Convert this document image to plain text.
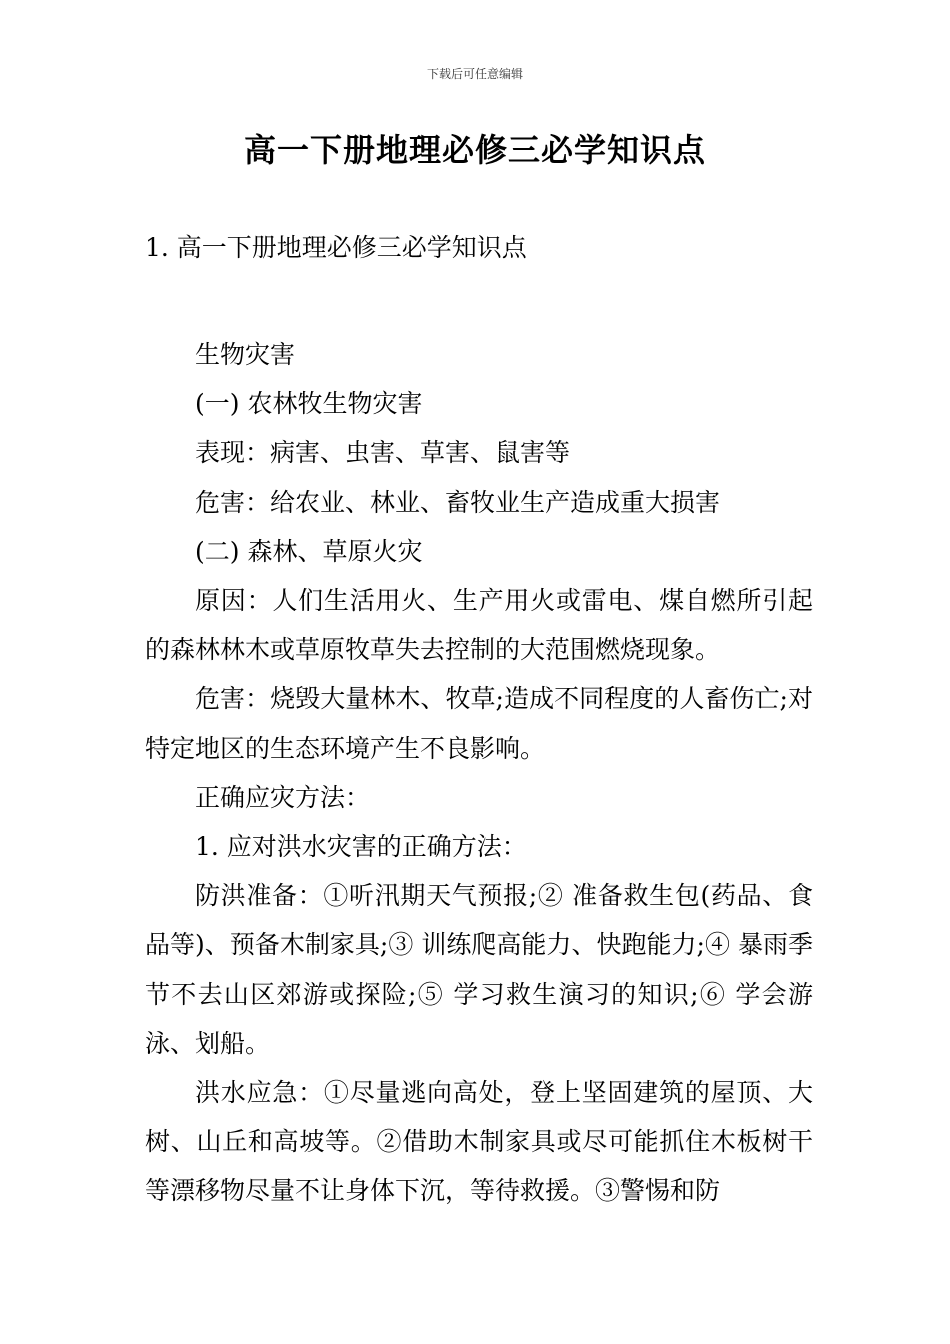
下载后可任意编辑
高一下册地理必修三必学知识点
1. 高一下册地理必修三必学知识点

生物灾害

(一) 农林牧生物灾害

表现：病害、虫害、草害、鼠害等

危害：给农业、林业、畜牧业生产造成重大损害

(二) 森林、草原火灾

原因：人们生活用火、生产用火或雷电、煤自燃所引起的森林林木或草原牧草失去控制的大范围燃烧现象。

危害：烧毁大量林木、牧草;造成不同程度的人畜伤亡;对特定地区的生态环境产生不良影响。

正确应灾方法：

1. 应对洪水灾害的正确方法：

防洪准备：①听汛期天气预报;② 准备救生包(药品、食品等)、预备木制家具;③ 训练爬高能力、快跑能力;④ 暴雨季节不去山区郊游或探险;⑤ 学习救生演习的知识;⑥ 学会游泳、划船。

洪水应急：①尽量逃向高处，登上坚固建筑的屋顶、大树、山丘和高坡等。②借助木制家具或尽可能抓住木板树干等漂移物尽量不让身体下沉，等待救援。③警惕和防
